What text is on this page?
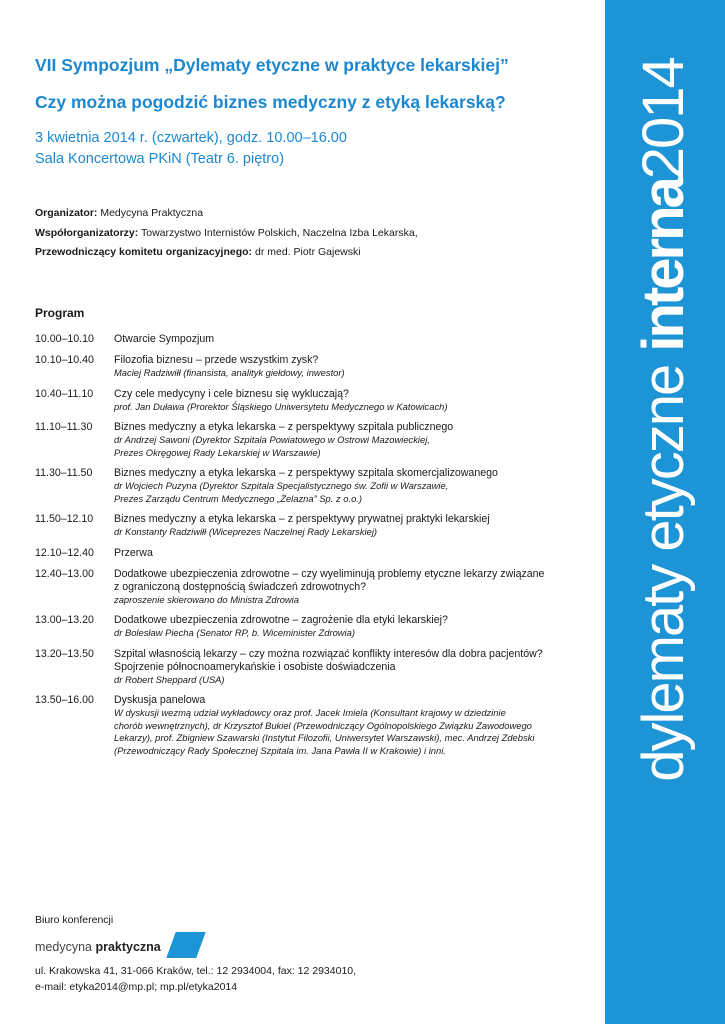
dylematy etyczne interna2014
VII Sympozjum „Dylematy etyczne w praktyce lekarskiej”
Czy można pogodzić biznes medyczny z etyką lekarską?
3 kwietnia 2014 r. (czwartek), godz. 10.00–16.00
Sala Koncertowa PKiN (Teatr 6. piętro)
Organizator: Medycyna Praktyczna
Współorganizatorzy: Towarzystwo Internistów Polskich, Naczelna Izba Lekarska,
Przewodniczący komitetu organizacyjnego: dr med. Piotr Gajewski
Program
10.00–10.10	Otwarcie Sympozjum
10.10–10.40	Filozofia biznesu – przede wszystkim zysk?
Maciej Radziwiłł (finansista, analityk giełdowy, inwestor)
10.40–11.10	Czy cele medycyny i cele biznesu się wykluczają?
prof. Jan Duława (Prorektor Śląskiego Uniwersytetu Medycznego w Katowicach)
11.10–11.30	Biznes medyczny a etyka lekarska – z perspektywy szpitala publicznego
dr Andrzej Sawoni (Dyrektor Szpitala Powiatowego w Ostrowi Mazowieckiej,
Prezes Okręgowej Rady Lekarskiej w Warszawie)
11.30–11.50	Biznes medyczny a etyka lekarska – z perspektywy szpitala skomercjalizowanego
dr Wojciech Puzyna (Dyrektor Szpitala Specjalistycznego św. Zofii w Warszawie,
Prezes Zarządu Centrum Medycznego „Żelazna” Sp. z o.o.)
11.50–12.10	Biznes medyczny a etyka lekarska – z perspektywy prywatnej praktyki lekarskiej
dr Konstanty Radziwiłł (Wiceprezes Naczelnej Rady Lekarskiej)
12.10–12.40	Przerwa
12.40–13.00	Dodatkowe ubezpieczenia zdrowotne – czy wyeliminują problemy etyczne lekarzy związane
z ograniczoną dostępnością świadczeń zdrowotnych?
zaproszenie skierowano do Ministra Zdrowia
13.00–13.20	Dodatkowe ubezpieczenia zdrowotne – zagrożenie dla etyki lekarskiej?
dr Bolesław Piecha (Senator RP, b. Wiceminister Zdrowia)
13.20–13.50	Szpital własnością lekarzy – czy można rozwiązać konflikty interesów dla dobra pacjentów?
Spojrzenie północnoamerykańskie i osobiste doświadczenia
dr Robert Sheppard (USA)
13.50–16.00	Dyskusja panelowa
W dyskusji wezmą udział wykładowcy oraz prof. Jacek Imiela (Konsultant krajowy w dziedzinie
chorób wewnętrznych), dr Krzysztof Bukiel (Przewodniczący Ogólnopolskiego Związku Zawodowego
Lekarzy), prof. Zbigniew Szawarski (Instytut Filozofii, Uniwersytet Warszawski), mec. Andrzej Zdebski
(Przewodniczący Rady Społecznej Szpitala im. Jana Pawła II w Krakowie) i inni.
Biuro konferencji
medycyna praktyczna
ul. Krakowska 41, 31-066 Kraków, tel.: 12 2934004, fax: 12 2934010,
e-mail: etyka2014@mp.pl; mp.pl/etyka2014
